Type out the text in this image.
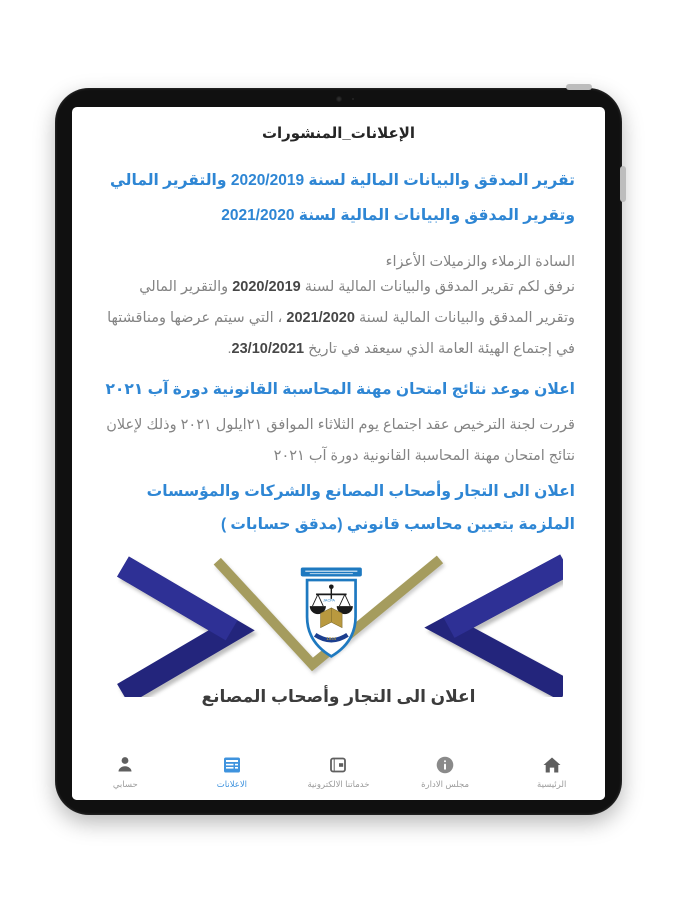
الإعلانات_المنشورات
تقرير المدقق والبيانات المالية لسنة 2020/2019 والتقرير المالي وتقرير المدقق والبيانات المالية لسنة 2021/2020
السادة الزملاء والزميلات الأعزاء
نرفق لكم تقرير المدقق والبيانات المالية لسنة 2020/2019 والتقرير المالي وتقرير المدقق والبيانات المالية لسنة 2021/2020 ، التي سيتم عرضها ومناقشتها في إجتماع الهيئة العامة الذي سيعقد في تاريخ 23/10/2021.
اعلان موعد نتائج امتحان مهنة المحاسبة القانونية دورة آب ٢٠٢١
قررت لجنة الترخيص عقد اجتماع يوم الثلاثاء الموافق ٢١ايلول ٢٠٢١ وذلك لإعلان نتائج امتحان مهنة المحاسبة القانونية دورة آب ٢٠٢١
اعلان الى التجار وأصحاب المصانع والشركات والمؤسسات الملزمة بتعيين محاسب قانوني (مدقق حسابات )
JACPA
1944
اعلان الى التجار وأصحاب المصانع
حسابي	الاعلانات	خدماتنا الالكترونية	مجلس الادارة	الرئيسية
